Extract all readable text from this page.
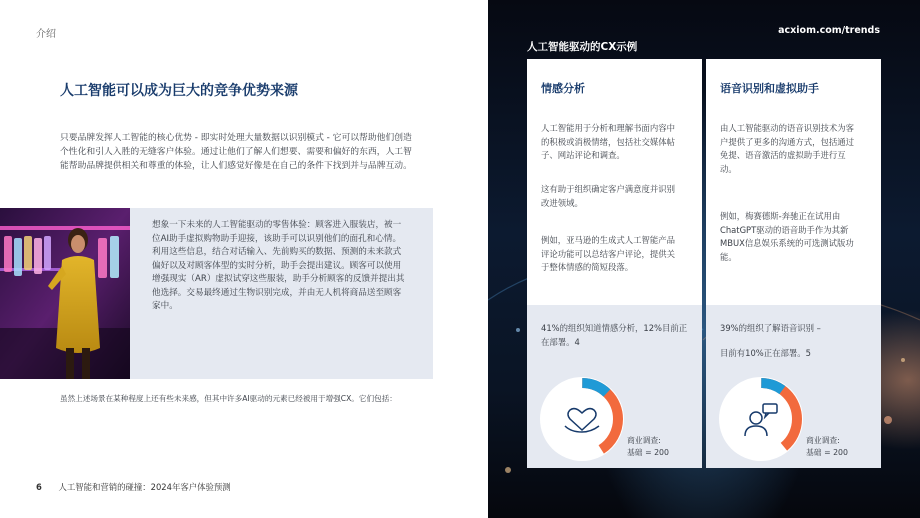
介绍
人工智能可以成为巨大的竞争优势来源
只要品牌发挥人工智能的核心优势 - 即实时处理大量数据以识别模式 - 它可以帮助他们创造个性化和引人入胜的无缝客户体验。通过让他们了解人们想要、需要和偏好的东西，人工智能帮助品牌提供相关和尊重的体验，让人们感觉好像是在自己的条件下找到并与品牌互动。
想象一下未来的人工智能驱动的零售体验：顾客进入服装店，被一位AI助手虚拟购物助手迎接，该助手可以识别他们的面孔和心情。利用这些信息，结合对话输入、先前购买的数据、预测的未来款式偏好以及对顾客体型的实时分析，助手会提出建议。顾客可以使用增强现实（AR）虚拟试穿这些服装，助手分析顾客的反馈并提出其他选择。交易最终通过生物识别完成，并由无人机将商品送至顾客家中。
虽然上述场景在某种程度上还有些未来感，但其中许多AI驱动的元素已经被用于增强CX。它们包括：
6 人工智能和营销的碰撞：2024年客户体验预测
acxiom.com/trends
人工智能驱动的CX示例
情感分析
人工智能用于分析和理解书面内容中的积极或消极情绪，包括社交媒体帖子、网站评论和调查。
这有助于组织确定客户满意度并识别改进领域。
例如，亚马逊的生成式人工智能产品评论功能可以总结客户评论，提供关于整体情感的简短段落。
语音识别和虚拟助手
由人工智能驱动的语音识别技术为客户提供了更多的沟通方式，包括通过免提、语音激活的虚拟助手进行互动。
例如，梅赛德斯-奔驰正在试用由ChatGPT驱动的语音助手作为其新MBUX信息娱乐系统的可选测试版功能。
41%的组织知道情感分析，12%目前正在部署。4
商业调查:
基础 = 200
39%的组织了解语音识别 –
目前有10%正在部署。5
商业调查:
基础 = 200
